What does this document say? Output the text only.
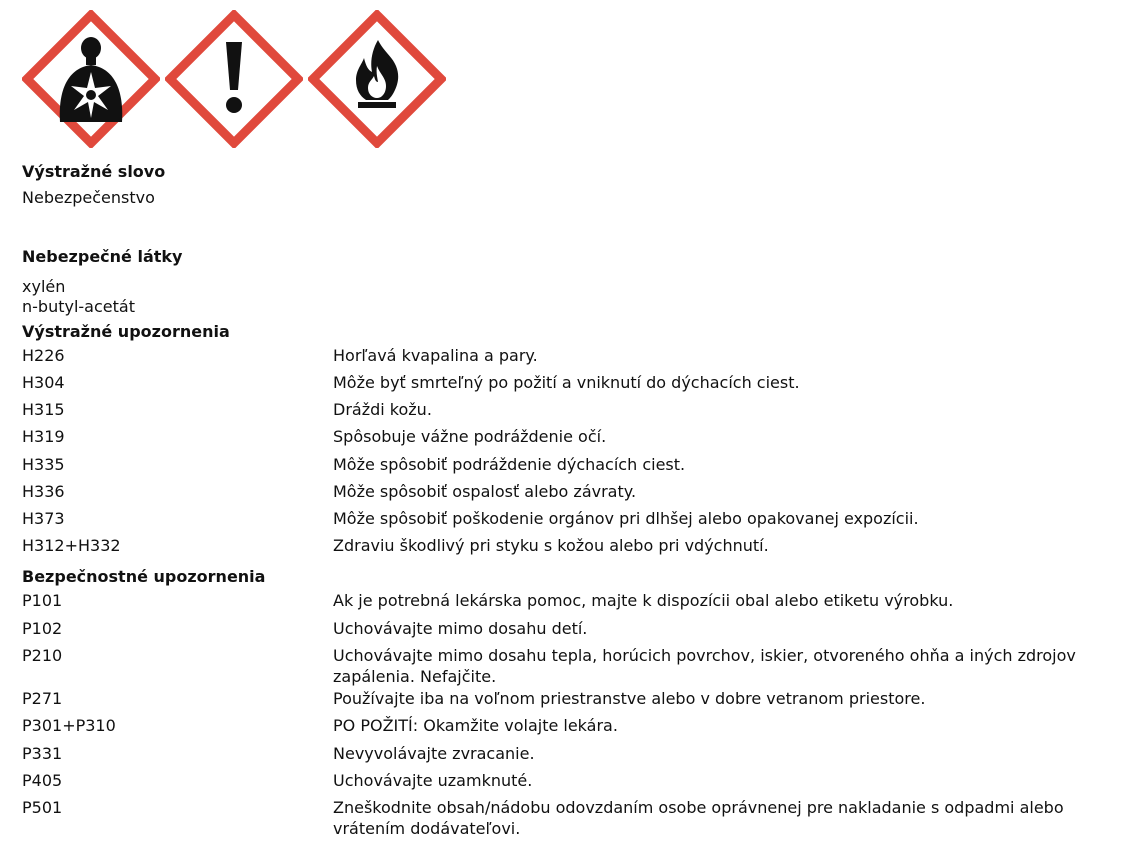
Výstražné slovo
Nebezpečenstvo
Nebezpečné látky
xylén
n-butyl-acetát
Výstražné upozornenia
H226	Horľavá kvapalina a pary.
H304	Môže byť smrteľný po požití a vniknutí do dýchacích ciest.
H315	Dráždi kožu.
H319	Spôsobuje vážne podráždenie očí.
H335	Môže spôsobiť podráždenie dýchacích ciest.
H336	Môže spôsobiť ospalosť alebo závraty.
H373	Môže spôsobiť poškodenie orgánov pri dlhšej alebo opakovanej expozícii.
H312+H332	Zdraviu škodlivý pri styku s kožou alebo pri vdýchnutí.
Bezpečnostné upozornenia
P101	Ak je potrebná lekárska pomoc, majte k dispozícii obal alebo etiketu výrobku.
P102	Uchovávajte mimo dosahu detí.
P210	Uchovávajte mimo dosahu tepla, horúcich povrchov, iskier, otvoreného ohňa a iných zdrojov zapálenia. Nefajčite.
P271	Používajte iba na voľnom priestranstve alebo v dobre vetranom priestore.
P301+P310	PO POŽITÍ: Okamžite volajte lekára.
P331	Nevyvolávajte zvracanie.
P405	Uchovávajte uzamknuté.
P501	Zneškodnite obsah/nádobu odovzdaním osobe oprávnenej pre nakladanie s odpadmi alebo vrátením dodávateľovi.
